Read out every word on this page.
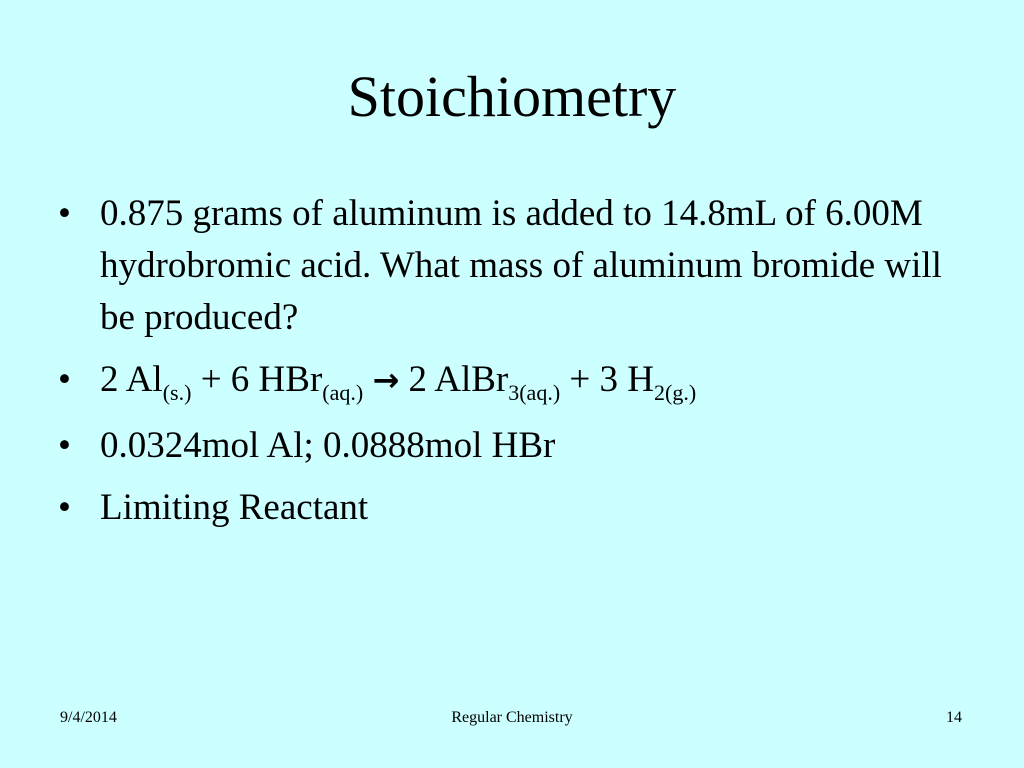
Stoichiometry
• 0.875 grams of aluminum is added to 14.8mL of 6.00M hydrobromic acid. What mass of aluminum bromide will be produced?
• 2 $Al_{(s.)} + 6$ HBr$_{(aq.)}$ → 2 AlBr$_{3(aq.)}$ + 3 $H_{2(g.)}$
• 0.0324mol Al; 0.0888mol HBr
• Limiting Reactant
9/4/2014	Regular Chemistry	14
